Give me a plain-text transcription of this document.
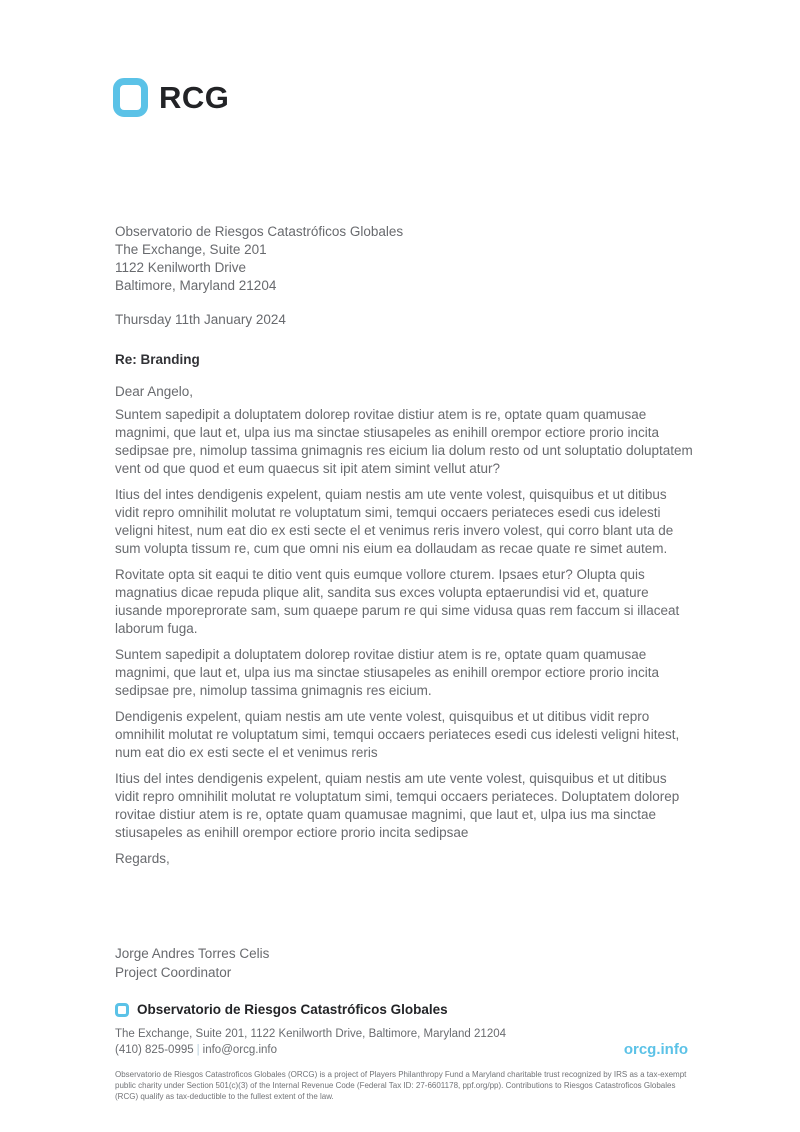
RCG
Observatorio de Riesgos Catastróficos Globales
The Exchange, Suite 201
1122 Kenilworth Drive
Baltimore, Maryland 21204
Thursday 11th January 2024
Re: Branding
Dear Angelo,

Suntem sapedipit a doluptatem dolorep rovitae distiur atem is re, optate quam quamusae magnimi, que laut et, ulpa ius ma sinctae stiusapeles as enihill orempor ectiore prorio incita sedipsae pre, nimolup tassima gnimagnis res eicium lia dolum resto od unt soluptatio doluptatem vent od que quod et eum quaecus sit ipit atem simint vellut atur?

Itius del intes dendigenis expelent, quiam nestis am ute vente volest, quisquibus et ut ditibus vidit repro omnihilit molutat re voluptatum simi, temqui occaers periateces esedi cus idelesti veligni hitest, num eat dio ex esti secte el et venimus reris invero volest, qui corro blant uta de sum volupta tissum re, cum que omni nis eium ea dollaudam as recae quate re simet autem.

Rovitate opta sit eaqui te ditio vent quis eumque vollore cturem. Ipsaes etur? Olupta quis magnatius dicae repuda plique alit, sandita sus exces volupta eptaerundisi vid et, quature iusande mporeprorate sam, sum quaepe parum re qui sime vidusa quas rem faccum si illaceat laborum fuga.

Suntem sapedipit a doluptatem dolorep rovitae distiur atem is re, optate quam quamusae magnimi, que laut et, ulpa ius ma sinctae stiusapeles as enihill orempor ectiore prorio incita sedipsae pre, nimolup tassima gnimagnis res eicium.

Dendigenis expelent, quiam nestis am ute vente volest, quisquibus et ut ditibus vidit repro omnihilit molutat re voluptatum simi, temqui occaers periateces esedi cus idelesti veligni hitest, num eat dio ex esti secte el et venimus reris

Itius del intes dendigenis expelent, quiam nestis am ute vente volest, quisquibus et ut ditibus vidit repro omnihilit molutat re voluptatum simi, temqui occaers periateces. Doluptatem dolorep rovitae distiur atem is re, optate quam quamusae magnimi, que laut et, ulpa ius ma sinctae stiusapeles as enihill orempor ectiore prorio incita sedipsae

Regards,
Jorge Andres Torres Celis
Project Coordinator
Observatorio de Riesgos Catastróficos Globales
The Exchange, Suite 201, 1122 Kenilworth Drive, Baltimore, Maryland 21204
(410) 825-0995 | info@orcg.info	orcg.info
Observatorio de Riesgos Catastroficos Globales (ORCG) is a project of Players Philanthropy Fund a Maryland charitable trust recognized by IRS as a tax-exempt public charity under Section 501(c)(3) of the Internal Revenue Code (Federal Tax ID: 27-6601178, ppf.org/pp). Contributions to Riesgos Catastroficos Globales (RCG) qualify as tax-deductible to the fullest extent of the law.
